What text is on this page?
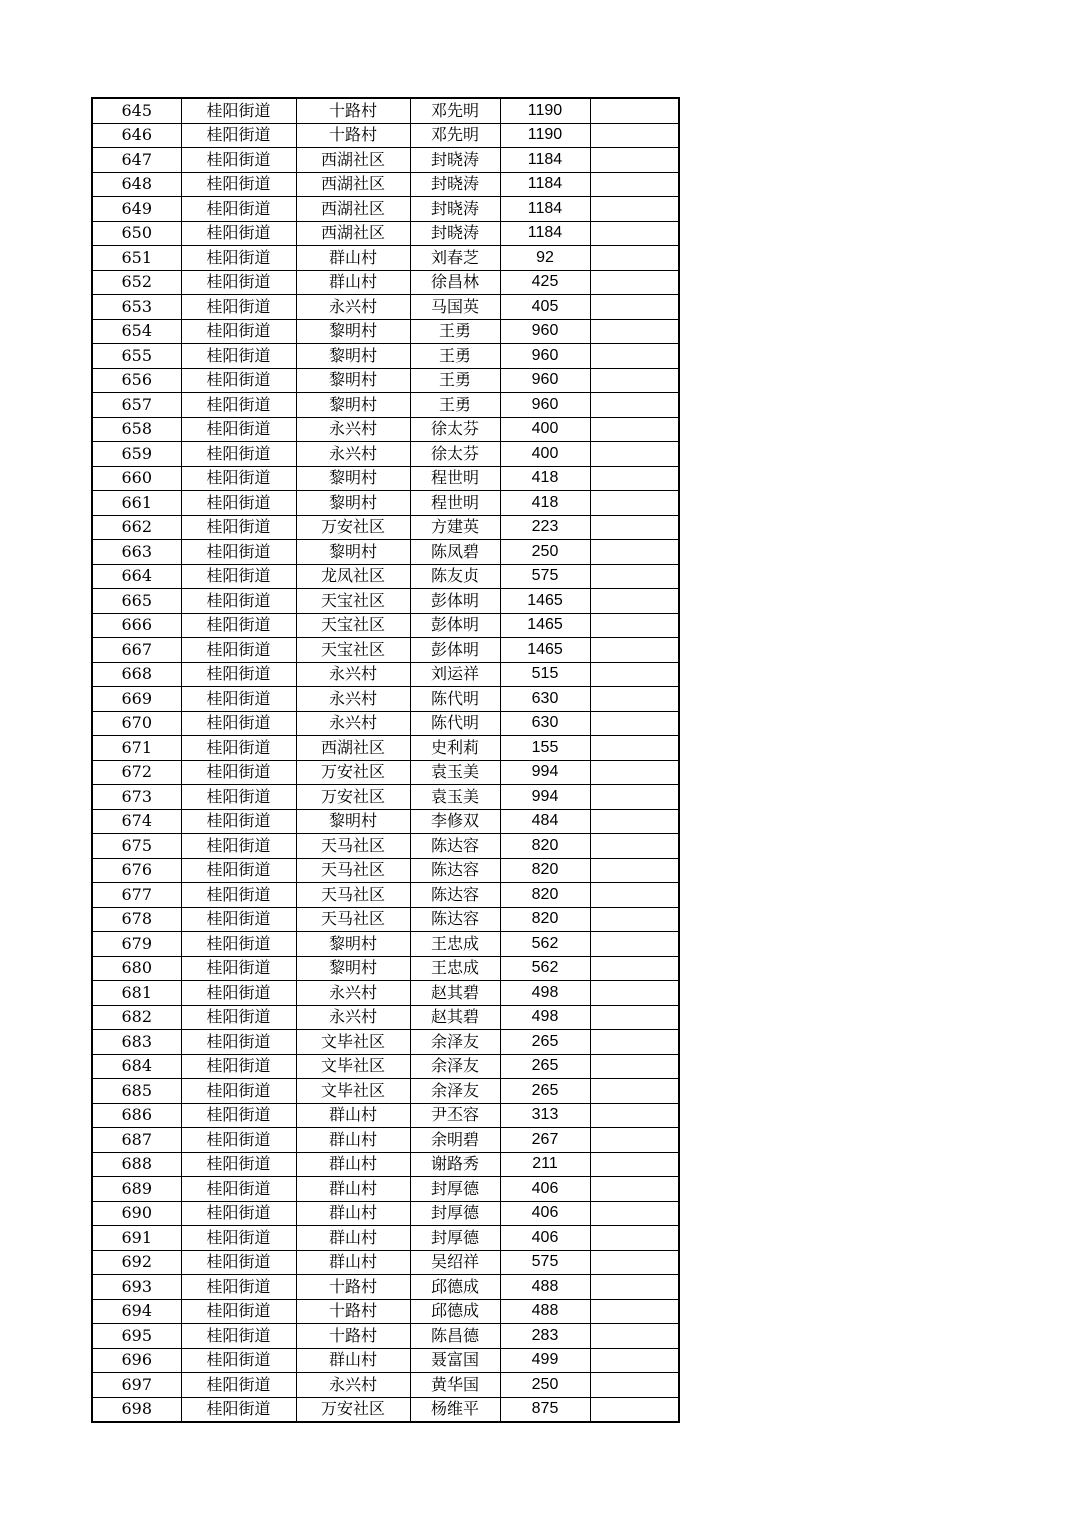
645	桂阳街道	十路村	邓先明	1190	
646	桂阳街道	十路村	邓先明	1190	
647	桂阳街道	西湖社区	封晓涛	1184	
648	桂阳街道	西湖社区	封晓涛	1184	
649	桂阳街道	西湖社区	封晓涛	1184	
650	桂阳街道	西湖社区	封晓涛	1184	
651	桂阳街道	群山村	刘春芝	92	
652	桂阳街道	群山村	徐昌林	425	
653	桂阳街道	永兴村	马国英	405	
654	桂阳街道	黎明村	王勇	960	
655	桂阳街道	黎明村	王勇	960	
656	桂阳街道	黎明村	王勇	960	
657	桂阳街道	黎明村	王勇	960	
658	桂阳街道	永兴村	徐太芬	400	
659	桂阳街道	永兴村	徐太芬	400	
660	桂阳街道	黎明村	程世明	418	
661	桂阳街道	黎明村	程世明	418	
662	桂阳街道	万安社区	方建英	223	
663	桂阳街道	黎明村	陈凤碧	250	
664	桂阳街道	龙凤社区	陈友贞	575	
665	桂阳街道	天宝社区	彭体明	1465	
666	桂阳街道	天宝社区	彭体明	1465	
667	桂阳街道	天宝社区	彭体明	1465	
668	桂阳街道	永兴村	刘运祥	515	
669	桂阳街道	永兴村	陈代明	630	
670	桂阳街道	永兴村	陈代明	630	
671	桂阳街道	西湖社区	史利莉	155	
672	桂阳街道	万安社区	袁玉美	994	
673	桂阳街道	万安社区	袁玉美	994	
674	桂阳街道	黎明村	李修双	484	
675	桂阳街道	天马社区	陈达容	820	
676	桂阳街道	天马社区	陈达容	820	
677	桂阳街道	天马社区	陈达容	820	
678	桂阳街道	天马社区	陈达容	820	
679	桂阳街道	黎明村	王忠成	562	
680	桂阳街道	黎明村	王忠成	562	
681	桂阳街道	永兴村	赵其碧	498	
682	桂阳街道	永兴村	赵其碧	498	
683	桂阳街道	文毕社区	余泽友	265	
684	桂阳街道	文毕社区	余泽友	265	
685	桂阳街道	文毕社区	余泽友	265	
686	桂阳街道	群山村	尹丕容	313	
687	桂阳街道	群山村	余明碧	267	
688	桂阳街道	群山村	谢路秀	211	
689	桂阳街道	群山村	封厚德	406	
690	桂阳街道	群山村	封厚德	406	
691	桂阳街道	群山村	封厚德	406	
692	桂阳街道	群山村	吴绍祥	575	
693	桂阳街道	十路村	邱德成	488	
694	桂阳街道	十路村	邱德成	488	
695	桂阳街道	十路村	陈昌德	283	
696	桂阳街道	群山村	聂富国	499	
697	桂阳街道	永兴村	黄华国	250	
698	桂阳街道	万安社区	杨维平	875	
